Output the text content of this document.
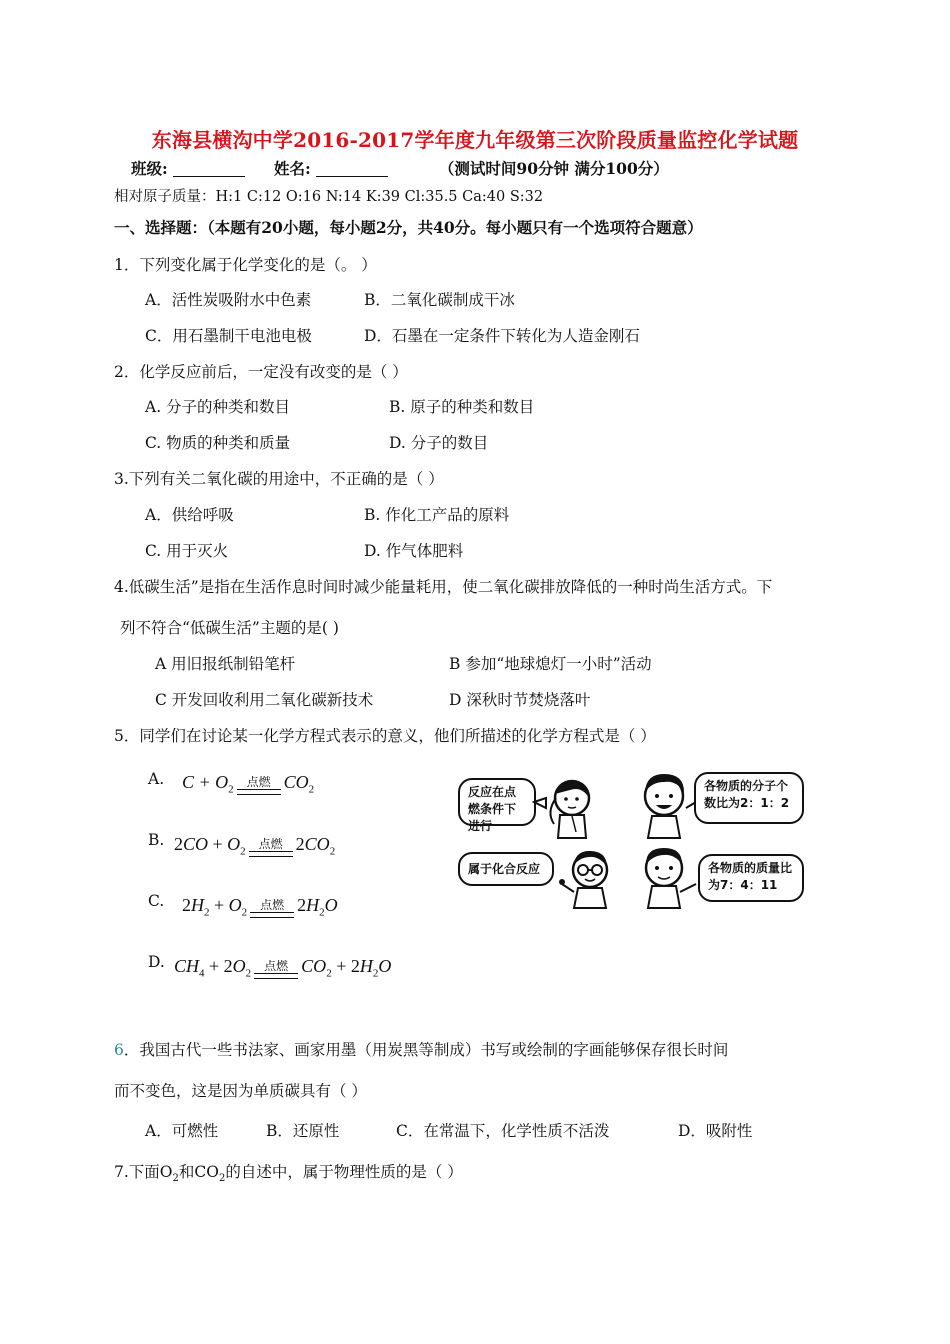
东海县横沟中学2016-2017学年度九年级第三次阶段质量监控化学试题
班级:	姓名:	（测试时间90分钟 满分100分）
相对原子质量：H:1 C:12 O:16 N:14 K:39 Cl:35.5 Ca:40 S:32
一、选择题：（本题有20小题，每小题2分，共40分。每小题只有一个选项符合题意）
1．下列变化属于化学变化的是（。 ）
A．活性炭吸附水中色素	B．二氧化碳制成干冰
C．用石墨制干电池电极	D．石墨在一定条件下转化为人造金刚石
2．化学反应前后，一定没有改变的是（ ）
A. 分子的种类和数目	B. 原子的种类和数目
C. 物质的种类和质量	D. 分子的数目
3.下列有关二氧化碳的用途中，不正确的是（ ）
A．供给呼吸	B. 作化工产品的原料
C. 用于灭火	D. 作气体肥料
4.低碳生活”是指在生活作息时间时减少能量耗用，使二氧化碳排放降低的一种时尚生活方式。下
列不符合“低碳生活”主题的是( )
A 用旧报纸制铅笔杆	B 参加“地球熄灯一小时”活动
C 开发回收利用二氧化碳新技术	D 深秋时节焚烧落叶
5．同学们在讨论某一化学方程式表示的意义，他们所描述的化学方程式是（ ）
A. $C + O_2$
点燃 $CO_2$
B. $2CO + O_2$
点燃 $2CO_2$
C. $2H_2 + O_2$
点燃 $2H_2O$
D. $CH_4 + 2O_2$
点燃 $CO_2 + 2H_2O$
反应在点燃条件下进行
各物质的分子个数比为2：1：2
属于化合反应	各物质的质量比为7：4：11
6．我国古代一些书法家、画家用墨（用炭黑等制成）书写或绘制的字画能够保存很长时间
而不变色，这是因为单质碳具有（ ）
A．可燃性	B．还原性	C．在常温下，化学性质不活泼	D．吸附性
7.下面$O_2$和$CO_2$的自述中，属于物理性质的是（ ）
